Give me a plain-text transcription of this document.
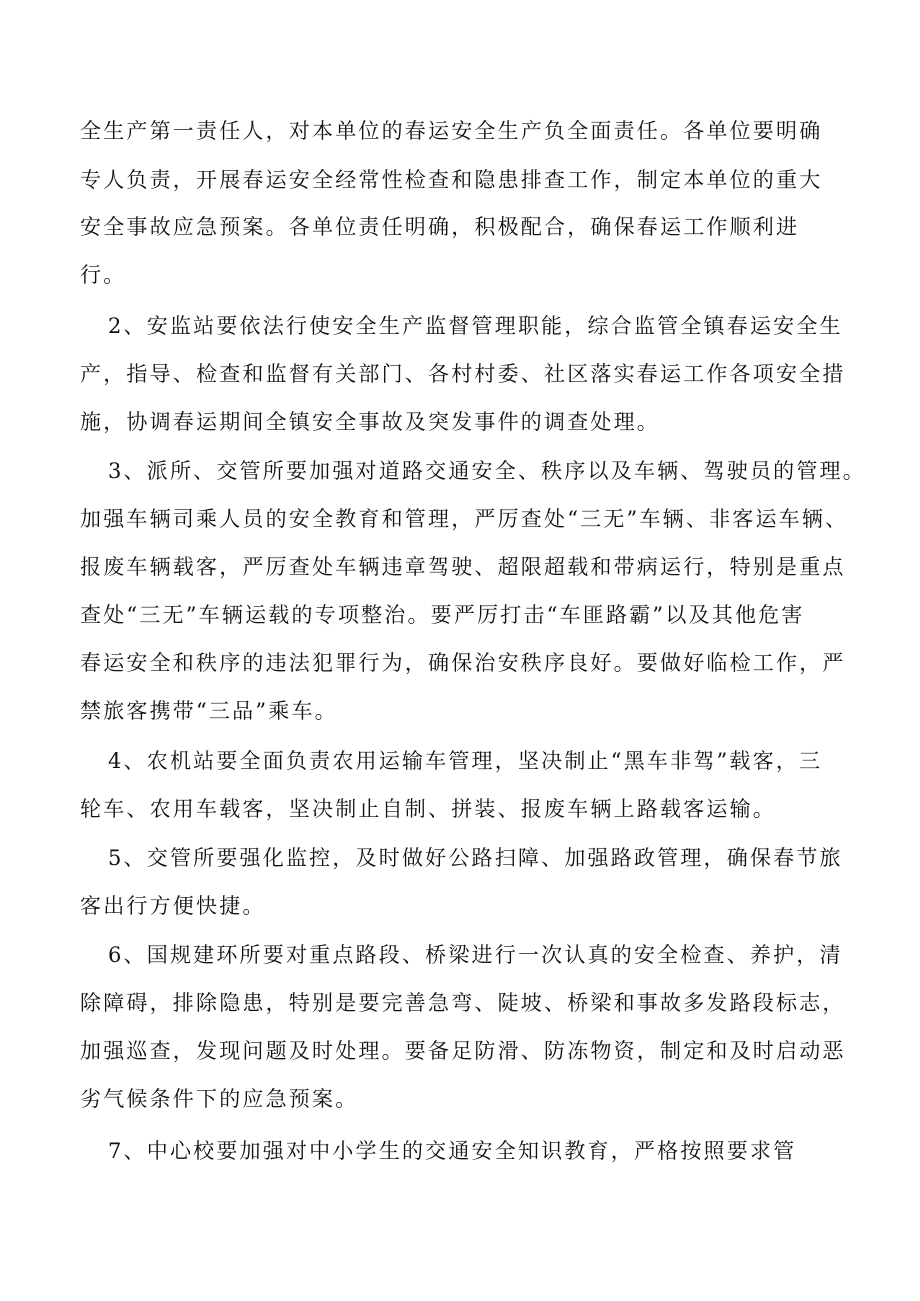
全生产第一责任人，对本单位的春运安全生产负全面责任。各单位要明确
专人负责，开展春运安全经常性检查和隐患排查工作，制定本单位的重大
安全事故应急预案。各单位责任明确，积极配合，确保春运工作顺利进
行。
2、安监站要依法行使安全生产监督管理职能，综合监管全镇春运安全生
产，指导、检查和监督有关部门、各村村委、社区落实春运工作各项安全措
施，协调春运期间全镇安全事故及突发事件的调查处理。
3、派所、交管所要加强对道路交通安全、秩序以及车辆、驾驶员的管理。
加强车辆司乘人员的安全教育和管理，严厉查处“三无”车辆、非客运车辆、
报废车辆载客，严厉查处车辆违章驾驶、超限超载和带病运行，特别是重点
查处“三无”车辆运载的专项整治。要严厉打击“车匪路霸”以及其他危害
春运安全和秩序的违法犯罪行为，确保治安秩序良好。要做好临检工作，严
禁旅客携带“三品”乘车。
4、农机站要全面负责农用运输车管理，坚决制止“黑车非驾”载客，三
轮车、农用车载客，坚决制止自制、拼装、报废车辆上路载客运输。
5、交管所要强化监控，及时做好公路扫障、加强路政管理，确保春节旅
客出行方便快捷。
6、国规建环所要对重点路段、桥梁进行一次认真的安全检查、养护，清
除障碍，排除隐患，特别是要完善急弯、陡坡、桥梁和事故多发路段标志，
加强巡查，发现问题及时处理。要备足防滑、防冻物资，制定和及时启动恶
劣气候条件下的应急预案。
7、中心校要加强对中小学生的交通安全知识教育，严格按照要求管
